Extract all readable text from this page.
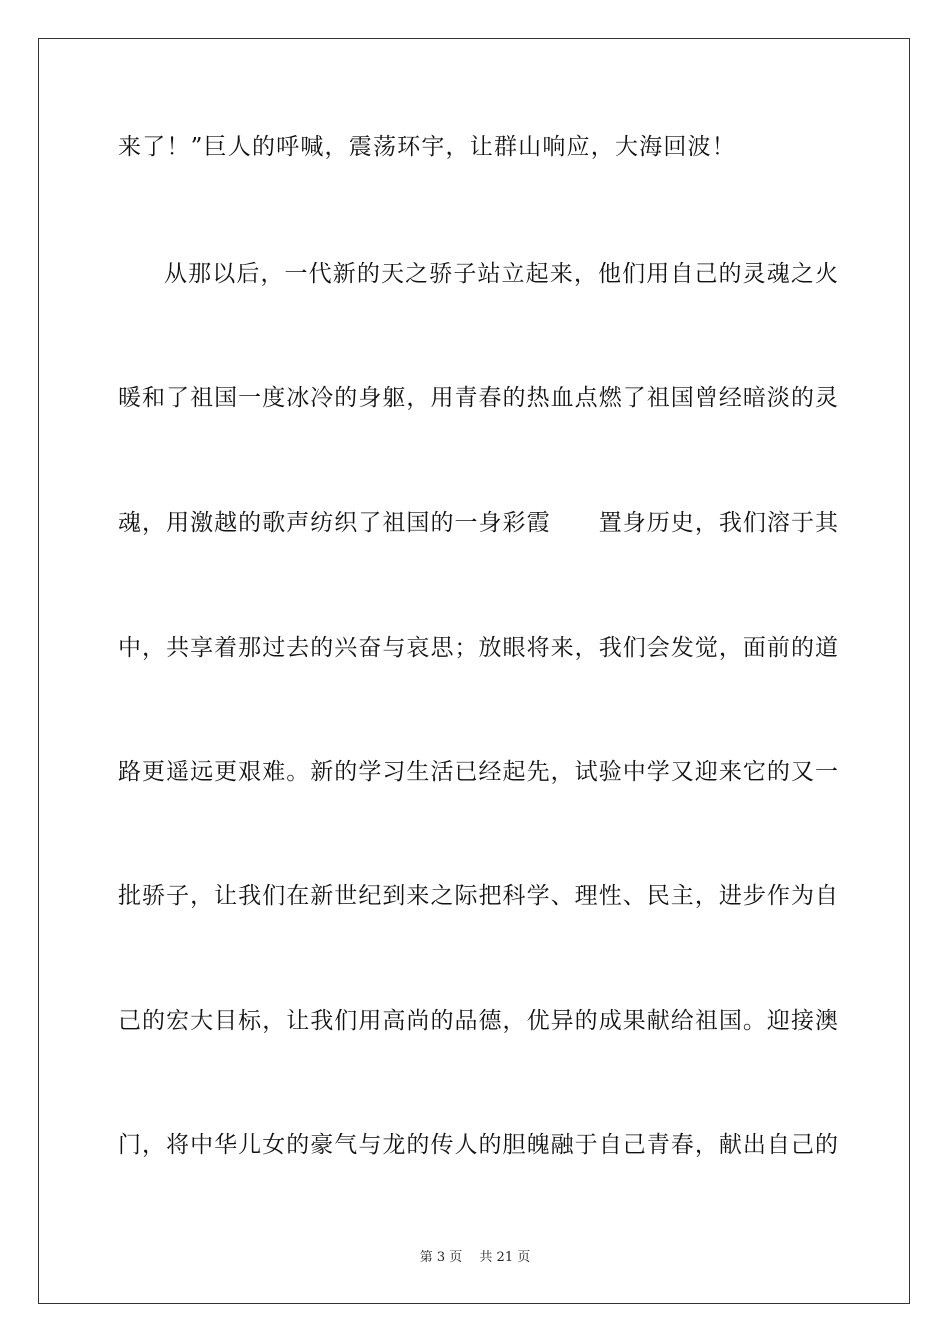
来了！”巨人的呼喊，震荡环宇，让群山响应，大海回波！
从那以后，一代新的天之骄子站立起来，他们用自己的灵魂之火
暖和了祖国一度冰冷的身躯，用青春的热血点燃了祖国曾经暗淡的灵
魂，用激越的歌声纺织了祖国的一身彩霞　　置身历史，我们溶于其
中，共享着那过去的兴奋与哀思；放眼将来，我们会发觉，面前的道
路更遥远更艰难。新的学习生活已经起先，试验中学又迎来它的又一
批骄子，让我们在新世纪到来之际把科学、理性、民主，进步作为自
己的宏大目标，让我们用高尚的品德，优异的成果献给祖国。迎接澳
门，将中华儿女的豪气与龙的传人的胆魄融于自己青春，献出自己的
第 3 页　 共 21 页
